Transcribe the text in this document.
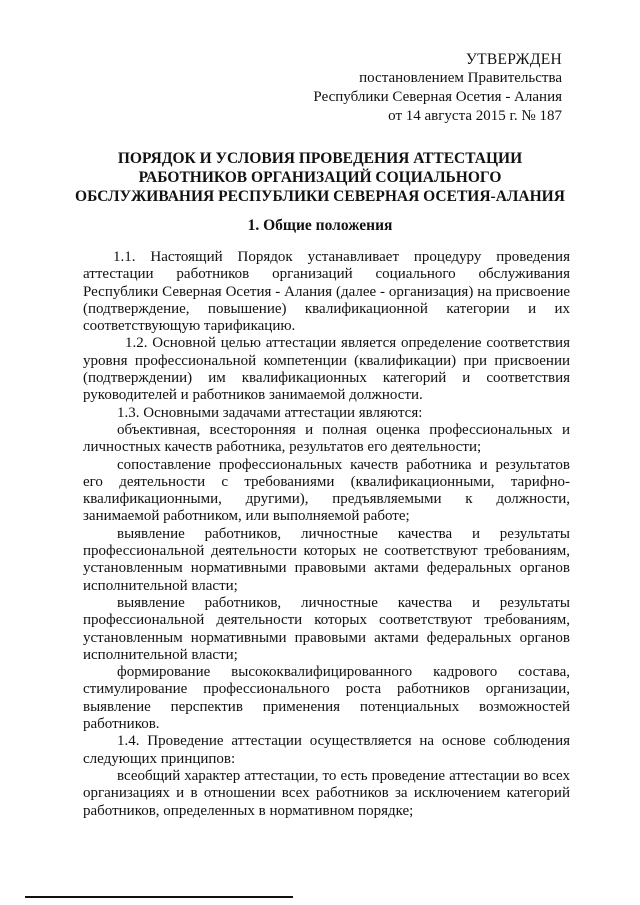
УТВЕРЖДЕН
постановлением Правительства
Республики Северная Осетия - Алания
от 14 августа 2015 г. № 187
ПОРЯДОК И УСЛОВИЯ ПРОВЕДЕНИЯ АТТЕСТАЦИИ
РАБОТНИКОВ ОРГАНИЗАЦИЙ СОЦИАЛЬНОГО
ОБСЛУЖИВАНИЯ РЕСПУБЛИКИ СЕВЕРНАЯ ОСЕТИЯ-АЛАНИЯ
1. Общие положения

1.1. Настоящий Порядок устанавливает процедуру проведения аттестации работников организаций социального обслуживания Республики Северная Осетия - Алания (далее - организация) на присвоение (подтверждение, повышение) квалификационной категории и их соответствующую тарификацию.

1.2. Основной целью аттестации является определение соответствия уровня профессиональной компетенции (квалификации) при присвоении (подтверждении) им квалификационных категорий и соответствия руководителей и работников занимаемой должности.

1.3. Основными задачами аттестации являются:

объективная, всесторонняя и полная оценка профессиональных и личностных качеств работника, результатов его деятельности;

сопоставление профессиональных качеств работника и результатов его деятельности с требованиями (квалификационными, тарифно-квалификационными, другими), предъявляемыми к должности, занимаемой работником, или выполняемой работе;

выявление работников, личностные качества и результаты профессиональной деятельности которых не соответствуют требованиям, установленным нормативными правовыми актами федеральных органов исполнительной власти;

выявление работников, личностные качества и результаты профессиональной деятельности которых соответствуют требованиям, установленным нормативными правовыми актами федеральных органов исполнительной власти;

формирование высококвалифицированного кадрового состава, стимулирование профессионального роста работников организации, выявление перспектив применения потенциальных возможностей работников.

1.4. Проведение аттестации осуществляется на основе соблюдения следующих принципов:

всеобщий характер аттестации, то есть проведение аттестации во всех организациях и в отношении всех работников за исключением категорий работников, определенных в нормативном порядке;
